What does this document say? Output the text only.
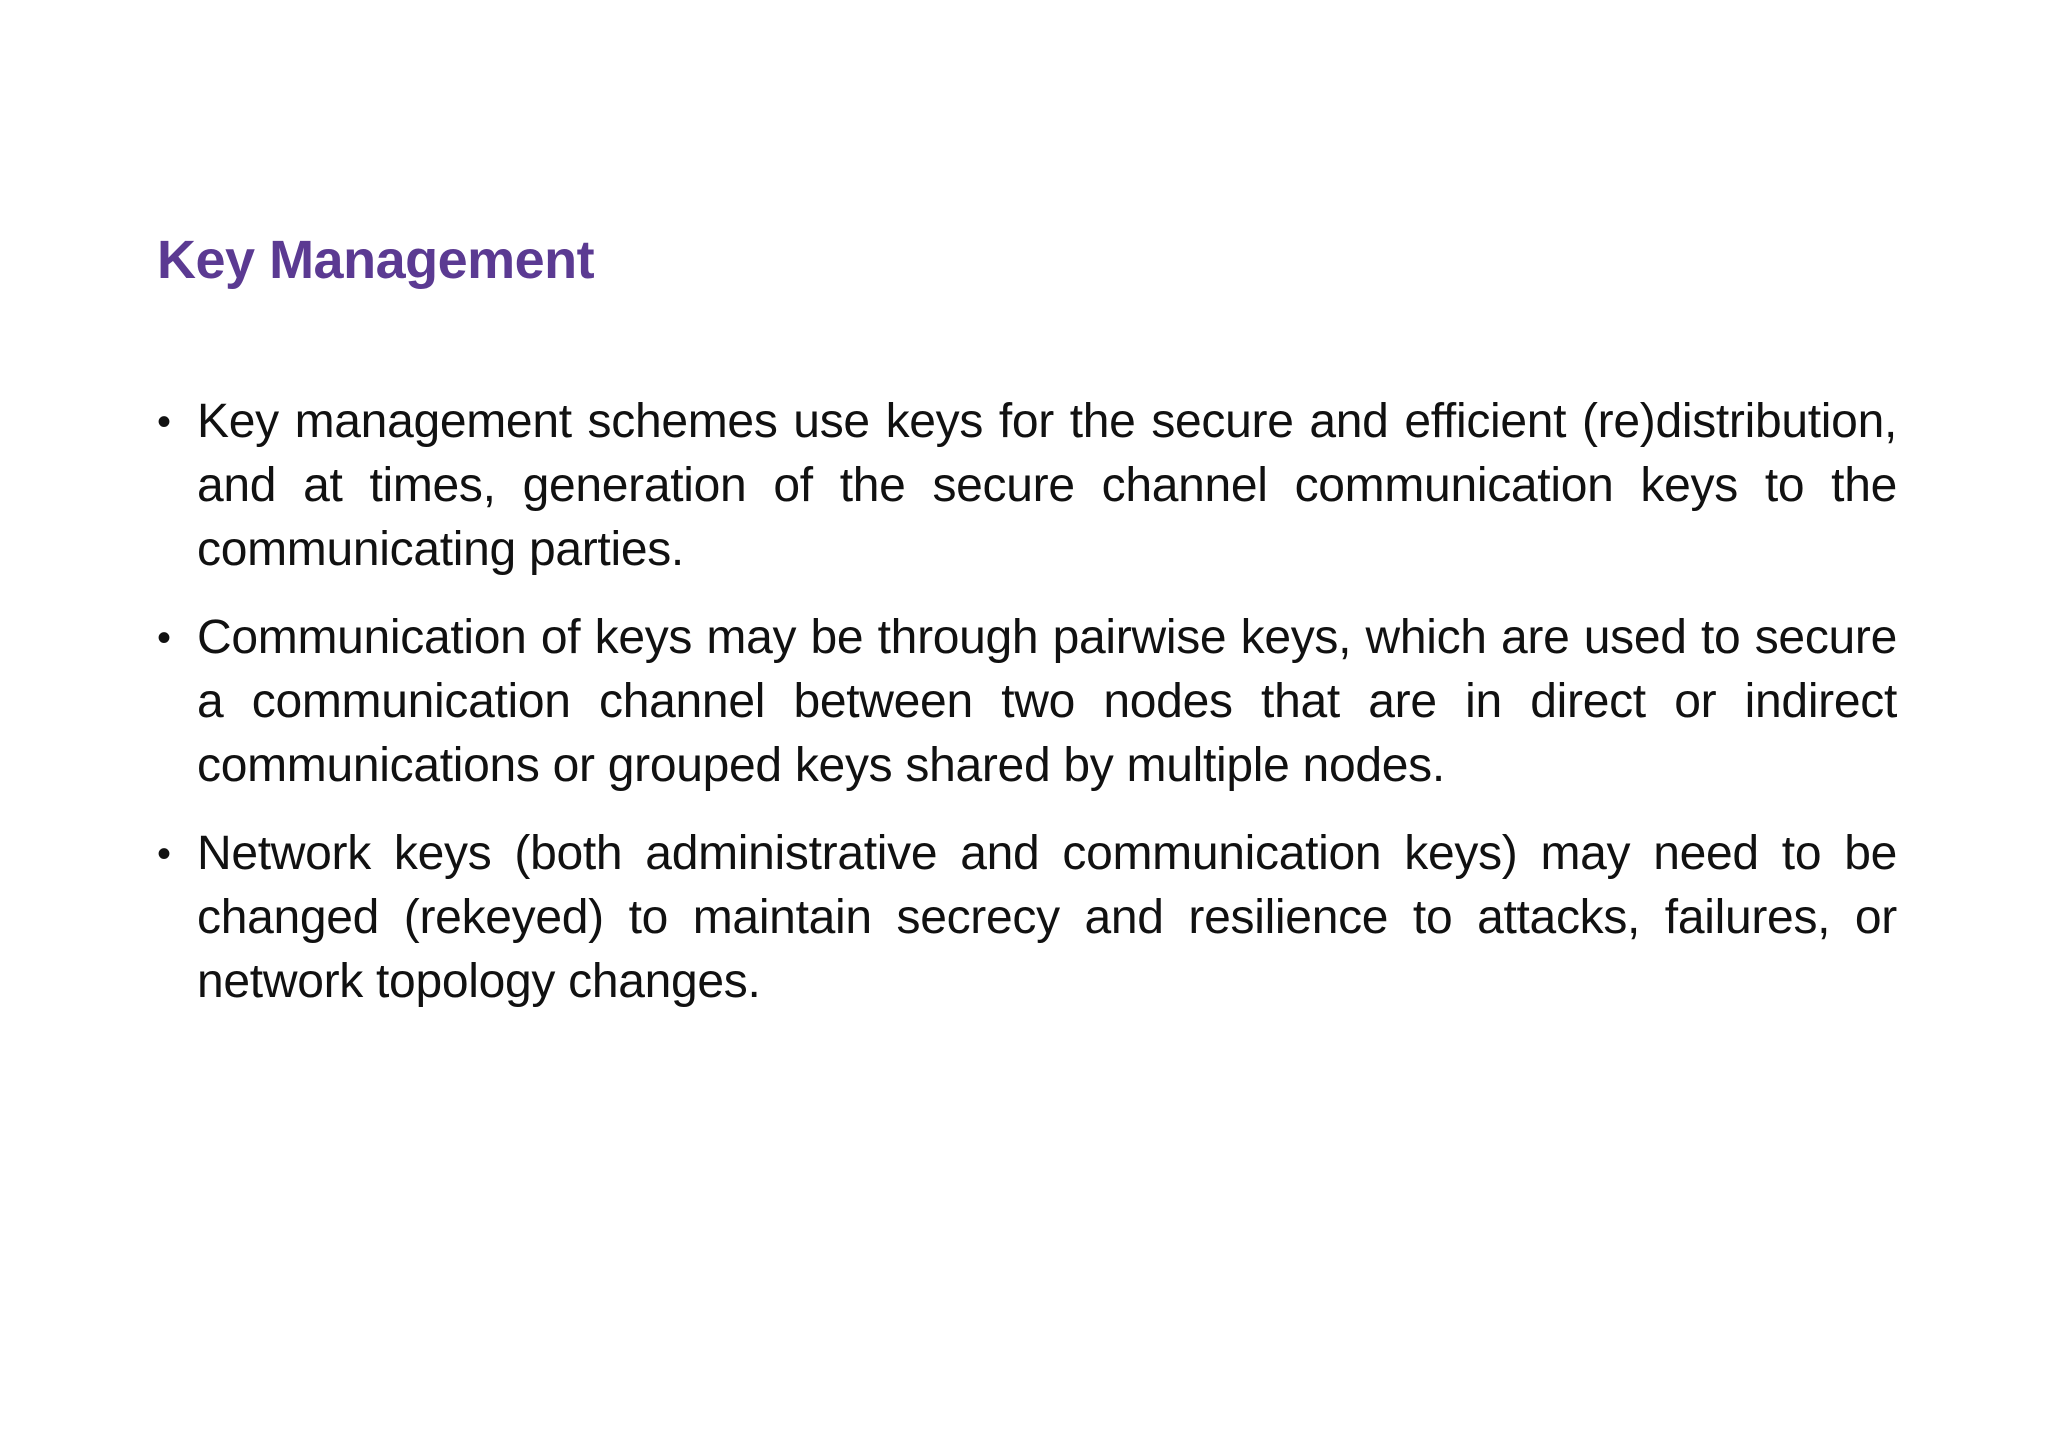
Key Management
• Key management schemes use keys for the secure and efficient (re)distribution, and at times, generation of the secure channel communication keys to the communicating parties.
• Communication of keys may be through pairwise keys, which are used to secure a communication channel between two nodes that are in direct or indirect communications or grouped keys shared by multiple nodes.
• Network keys (both administrative and communication keys) may need to be changed (rekeyed) to maintain secrecy and resilience to attacks, failures, or network topology changes.
